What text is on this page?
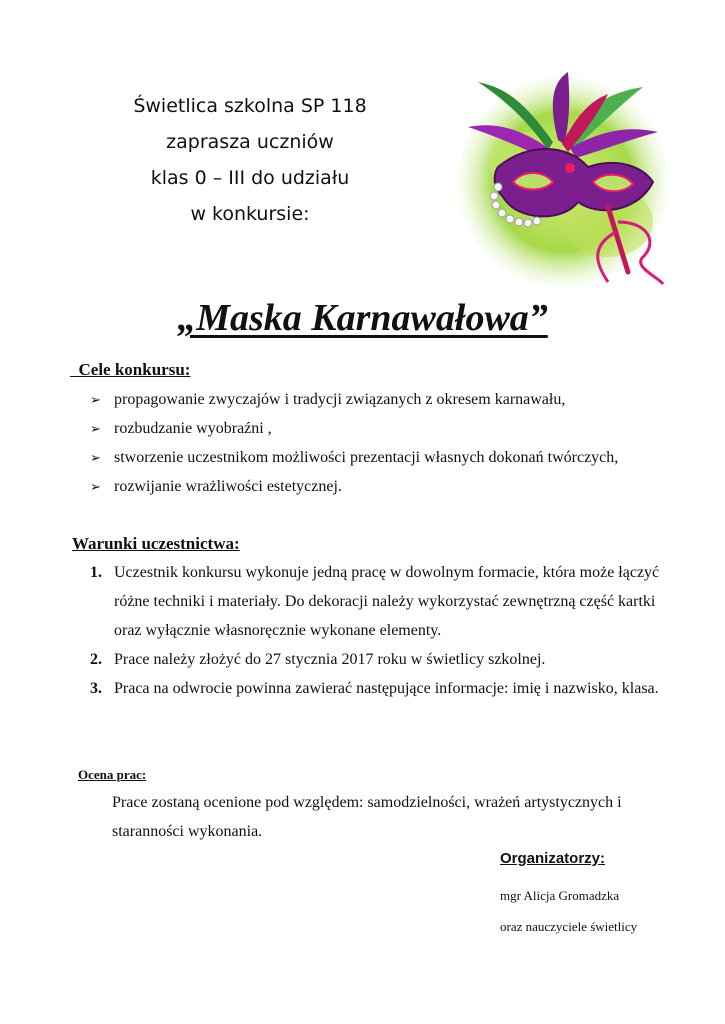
Świetlica szkolna SP 118
zaprasza uczniów
klas 0 – III do udziału
w konkursie:
„Maska Karnawałowa”
Cele konkursu:
➢ propagowanie zwyczajów i tradycji związanych z okresem karnawału,
➢ rozbudzanie wyobraźni ,
➢ stworzenie uczestnikom możliwości prezentacji własnych dokonań twórczych,
➢ rozwijanie wrażliwości estetycznej.
Warunki uczestnictwa:
1. Uczestnik konkursu wykonuje jedną pracę w dowolnym formacie, która może łączyć różne techniki i materiały. Do dekoracji należy wykorzystać zewnętrzną część kartki oraz wyłącznie własnoręcznie wykonane elementy.
2. Prace należy złożyć do 27 stycznia 2017 roku w świetlicy szkolnej.
3. Praca na odwrocie powinna zawierać następujące informacje: imię i nazwisko, klasa.
Ocena prac:
Prace zostaną ocenione pod względem: samodzielności, wrażeń artystycznych i staranności wykonania.
Organizatorzy:
mgr Alicja Gromadzka
oraz nauczyciele świetlicy
